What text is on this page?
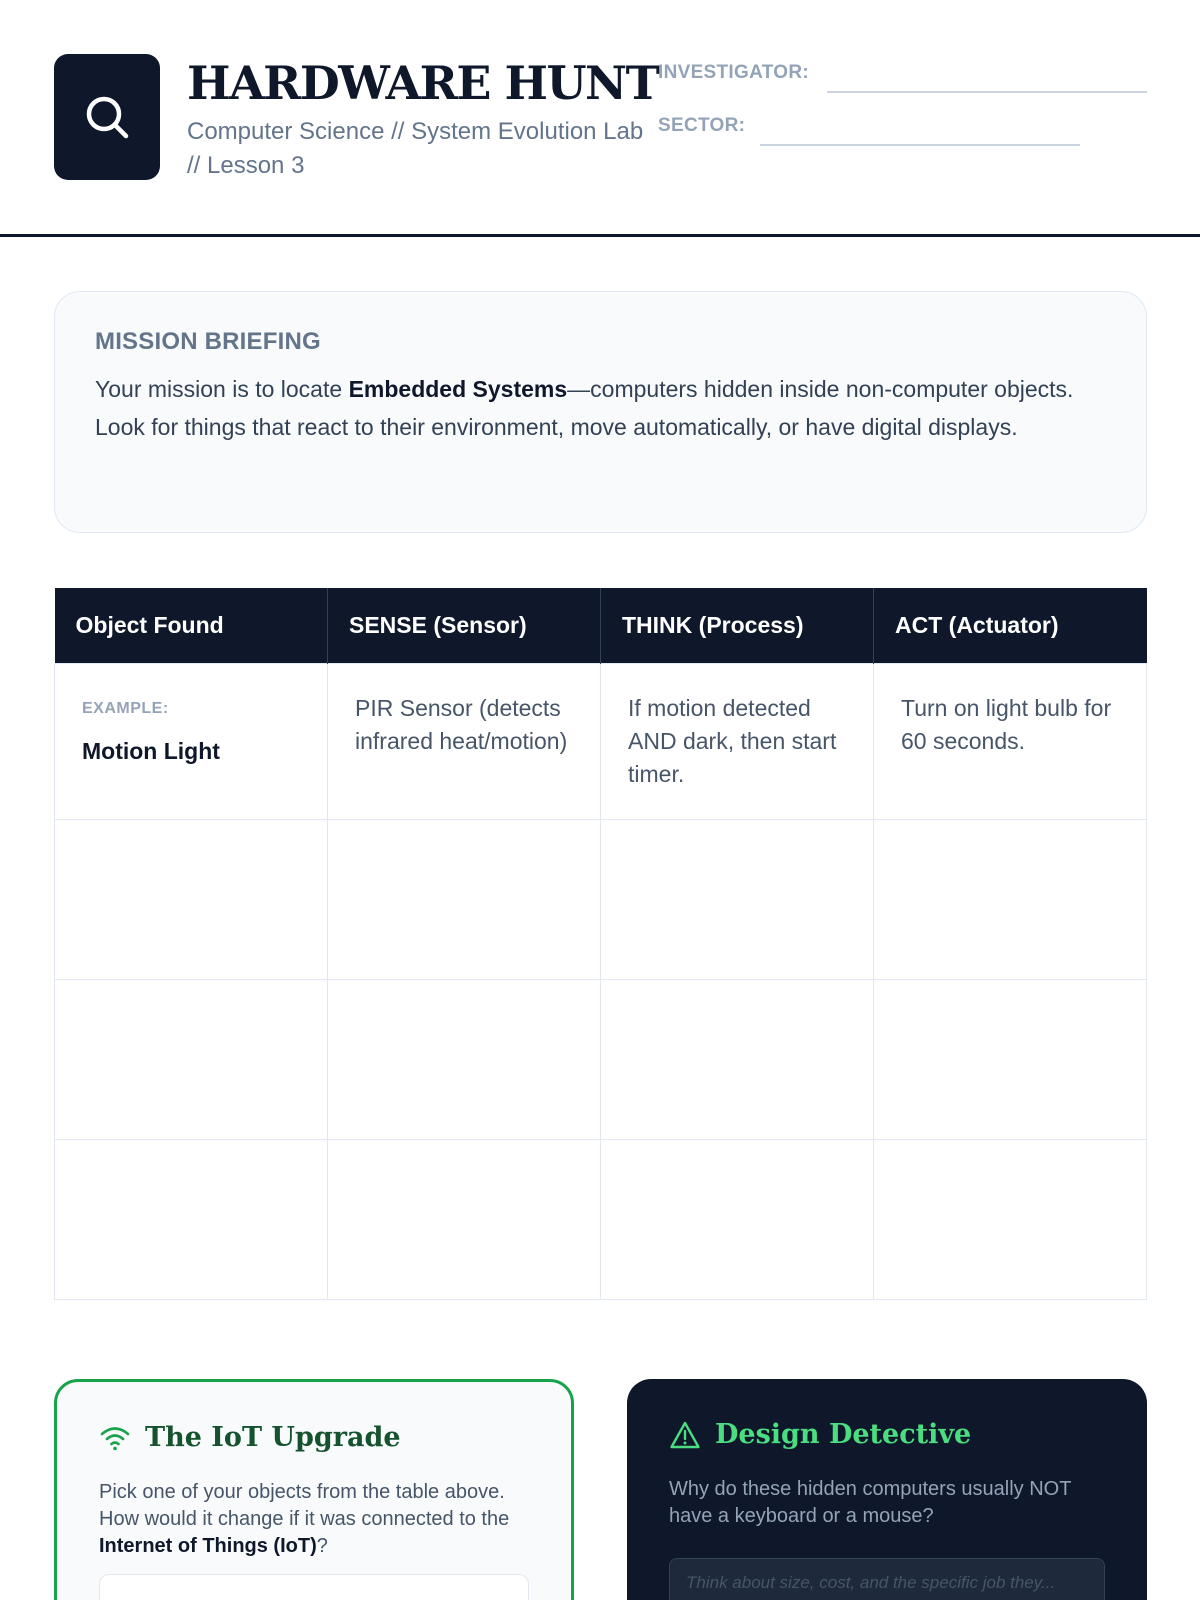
HARDWARE HUNT
Computer Science // System Evolution Lab // Lesson 3
INVESTIGATOR:
SECTOR:
MISSION BRIEFING

Your mission is to locate Embedded Systems—computers hidden inside non-computer objects. Look for things that react to their environment, move automatically, or have digital displays.

Object Found	SENSE (Sensor)	THINK (Process)	ACT (Actuator)

EXAMPLE:
Motion Light	PIR Sensor (detects infrared heat/motion)	If motion detected AND dark, then start timer.	Turn on light bulb for 60 seconds.

The IoT Upgrade
Pick one of your objects from the table above. How would it change if it was connected to the Internet of Things (IoT)?
Design Detective
Why do these hidden computers usually NOT have a keyboard or a mouse?
Think about size, cost, and the specific job they...
